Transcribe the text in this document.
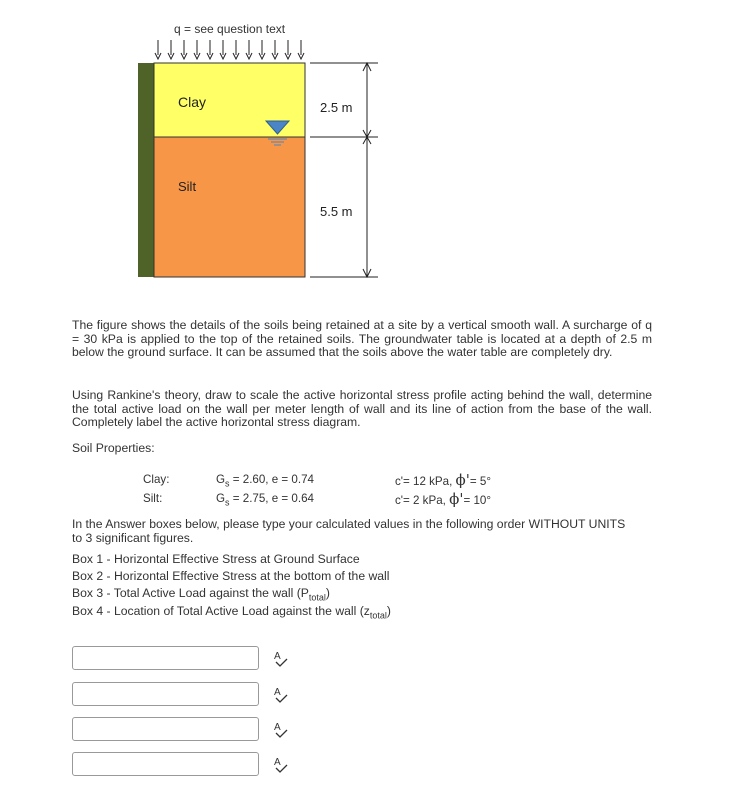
q = see question text
Clay
Silt
2.5 m
5.5 m

The figure shows the details of the soils being retained at a site by a vertical smooth wall. A surcharge of q = 30 kPa is applied to the top of the retained soils. The groundwater table is located at a depth of 2.5 m below the ground surface. It can be assumed that the soils above the water table are completely dry.

Using Rankine's theory, draw to scale the active horizontal stress profile acting behind the wall, determine the total active load on the wall per meter length of wall and its line of action from the base of the wall. Completely label the active horizontal stress diagram.

Soil Properties:
Clay:	$G_s = 2.60$, e = 0.74	c'= 12 kPa, ϕ'= 5°
Silt:	$G_s = 2.75$, e = 0.64	c'= 2 kPa, ϕ'= 10°

In the Answer boxes below, please type your calculated values in the following order WITHOUT UNITS to 3 significant figures.

Box 1 - Horizontal Effective Stress at Ground Surface
Box 2 - Horizontal Effective Stress at the bottom of the wall
Box 3 - Total Active Load against the wall $(P_{total})$
Box 4 - Location of Total Active Load against the wall $(z_{total})$
A
A
A
A
